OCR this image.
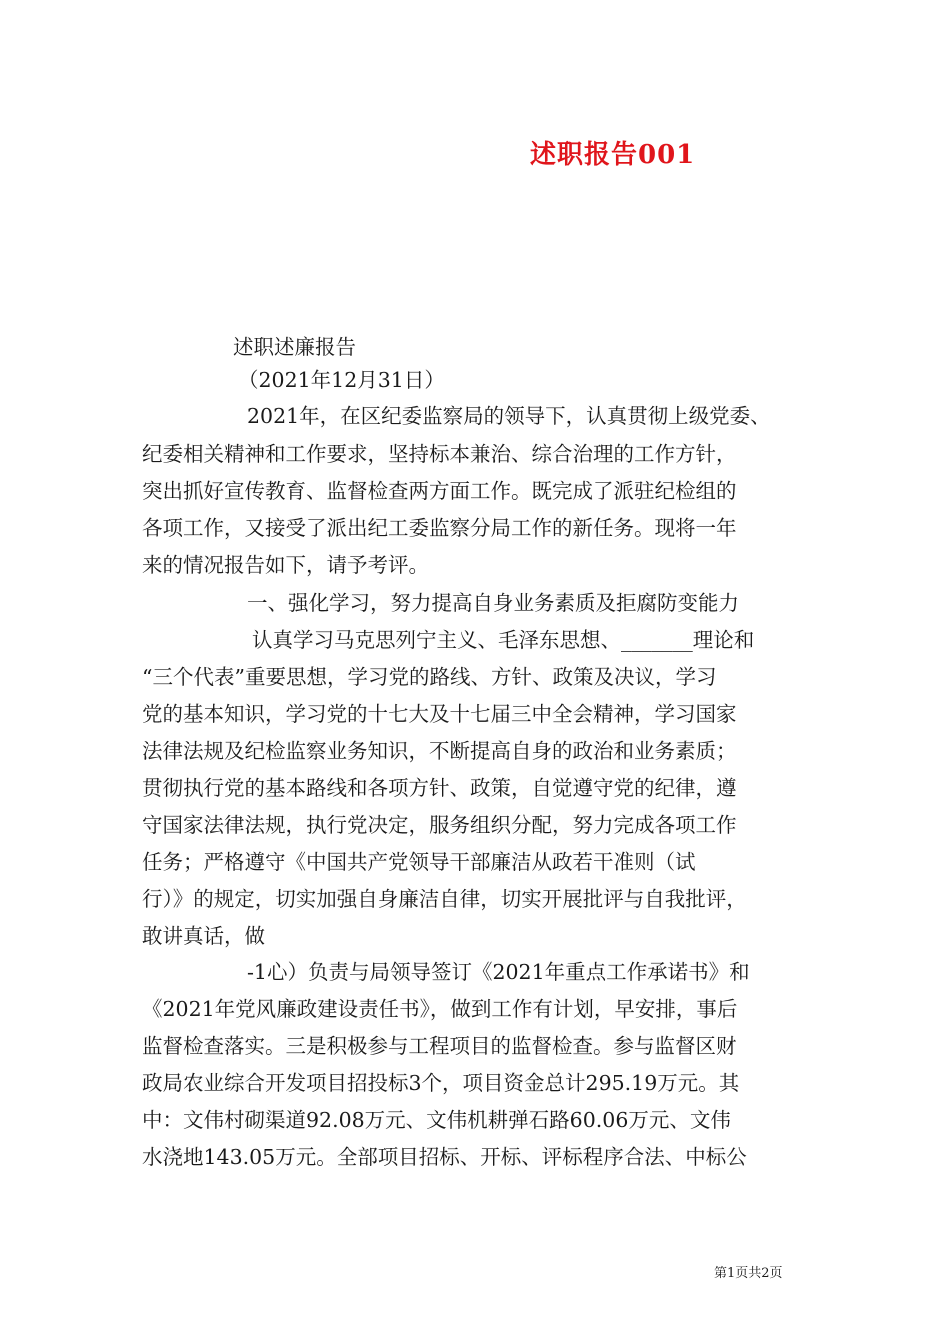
述职报告001
述职述廉报告
（2021年12月31日）
2021年，在区纪委监察局的领导下，认真贯彻上级党委、
纪委相关精神和工作要求，坚持标本兼治、综合治理的工作方针，
突出抓好宣传教育、监督检查两方面工作。既完成了派驻纪检组的
各项工作，又接受了派出纪工委监察分局工作的新任务。现将一年
来的情况报告如下，请予考评。
一、强化学习，努力提高自身业务素质及拒腐防变能力
认真学习马克思列宁主义、毛泽东思想、_______理论和
“三个代表”重要思想，学习党的路线、方针、政策及决议，学习
党的基本知识，学习党的十七大及十七届三中全会精神，学习国家
法律法规及纪检监察业务知识，不断提高自身的政治和业务素质；
贯彻执行党的基本路线和各项方针、政策，自觉遵守党的纪律，遵
守国家法律法规，执行党决定，服务组织分配，努力完成各项工作
任务；严格遵守《中国共产党领导干部廉洁从政若干准则（试
行）》的规定，切实加强自身廉洁自律，切实开展批评与自我批评，
敢讲真话，做
-1心）负责与局领导签订《2021年重点工作承诺书》和
《2021年党风廉政建设责任书》，做到工作有计划，早安排，事后
监督检查落实。三是积极参与工程项目的监督检查。参与监督区财
政局农业综合开发项目招投标3个，项目资金总计295.19万元。其
中：文伟村砌渠道92.08万元、文伟机耕弹石路60.06万元、文伟
水浇地143.05万元。全部项目招标、开标、评标程序合法、中标公
第1页共2页
